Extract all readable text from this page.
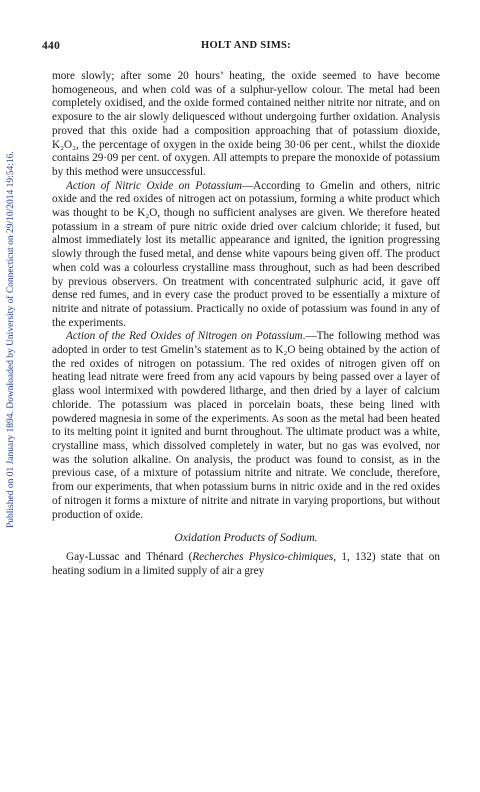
Published on 01 January 1894. Downloaded by University of Connecticut on 29/10/2014 19:54:16.
440	HOLT AND SIMS:

more slowly; after some 20 hours’ heating, the oxide seemed to have become homogeneous, and when cold was of a sulphur-yellow colour. The metal had been completely oxidised, and the oxide formed contained neither nitrite nor nitrate, and on exposure to the air slowly deliquesced without undergoing further oxidation. Analysis proved that this oxide had a composition approaching that of potassium dioxide, K₂O₂, the percentage of oxygen in the oxide being 30·06 per cent., whilst the dioxide contains 29·09 per cent. of oxygen. All attempts to prepare the monoxide of potassium by this method were unsuccessful.

Action of Nitric Oxide on Potassium—According to Gmelin and others, nitric oxide and the red oxides of nitrogen act on potassium, forming a white product which was thought to be K₂O, though no sufficient analyses are given. We therefore heated potassium in a stream of pure nitric oxide dried over calcium chloride; it fused, but almost immediately lost its metallic appearance and ignited, the ignition progressing slowly through the fused metal, and dense white vapours being given off. The product when cold was a colourless crystalline mass throughout, such as had been described by previous observers. On treatment with concentrated sulphuric acid, it gave off dense red fumes, and in every case the product proved to be essentially a mixture of nitrite and nitrate of potassium. Practically no oxide of potassium was found in any of the experiments.

Action of the Red Oxides of Nitrogen on Potassium.—The following method was adopted in order to test Gmelin’s statement as to K₂O being obtained by the action of the red oxides of nitrogen on potassium. The red oxides of nitrogen given off on heating lead nitrate were freed from any acid vapours by being passed over a layer of glass wool intermixed with powdered litharge, and then dried by a layer of calcium chloride. The potassium was placed in porcelain boats, these being lined with powdered magnesia in some of the experiments. As soon as the metal had been heated to its melting point it ignited and burnt throughout. The ultimate product was a white, crystalline mass, which dissolved completely in water, but no gas was evolved, nor was the solution alkaline. On analysis, the product was found to consist, as in the previous case, of a mixture of potassium nitrite and nitrate. We conclude, therefore, from our experiments, that when potassium burns in nitric oxide and in the red oxides of nitrogen it forms a mixture of nitrite and nitrate in varying proportions, but without production of oxide.

Oxidation Products of Sodium.

Gay-Lussac and Thénard (Recherches Physico-chimiques, 1, 132) state that on heating sodium in a limited supply of air a grey
